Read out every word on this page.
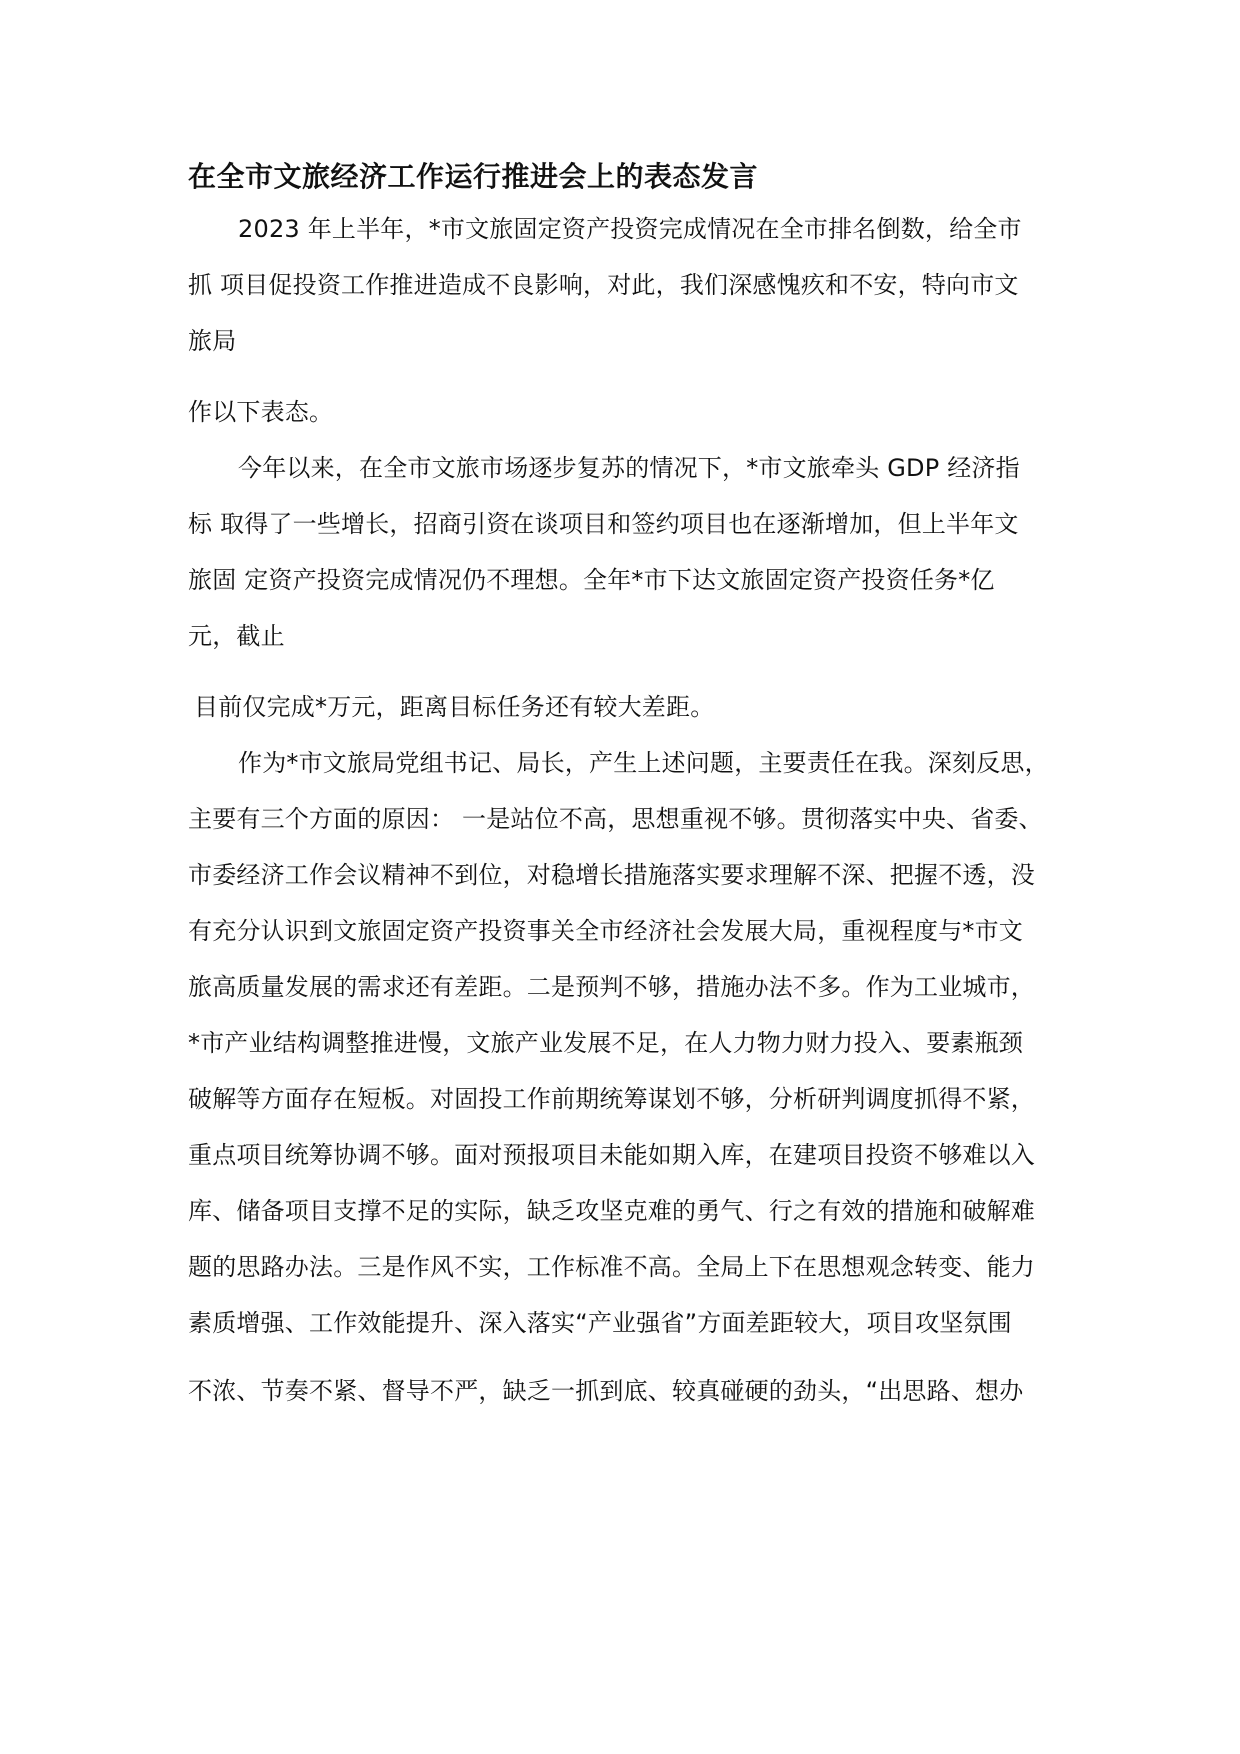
在全市文旅经济工作运行推进会上的表态发言
2023 年上半年，*市文旅固定资产投资完成情况在全市排名倒数，给全市
抓 项目促投资工作推进造成不良影响，对此，我们深感愧疚和不安，特向市文
旅局
作以下表态。
今年以来，在全市文旅市场逐步复苏的情况下，*市文旅牵头 GDP 经济指
标 取得了一些增长，招商引资在谈项目和签约项目也在逐渐增加，但上半年文
旅固 定资产投资完成情况仍不理想。全年*市下达文旅固定资产投资任务*亿
元，截止
目前仅完成*万元，距离目标任务还有较大差距。
作为*市文旅局党组书记、局长，产生上述问题，主要责任在我。深刻反思，
主要有三个方面的原因： 一是站位不高，思想重视不够。贯彻落实中央、省委、
市委经济工作会议精神不到位，对稳增长措施落实要求理解不深、把握不透，没
有充分认识到文旅固定资产投资事关全市经济社会发展大局，重视程度与*市文
旅高质量发展的需求还有差距。二是预判不够，措施办法不多。作为工业城市，
*市产业结构调整推进慢，文旅产业发展不足，在人力物力财力投入、要素瓶颈
破解等方面存在短板。对固投工作前期统筹谋划不够，分析研判调度抓得不紧，
重点项目统筹协调不够。面对预报项目未能如期入库，在建项目投资不够难以入
库、储备项目支撑不足的实际，缺乏攻坚克难的勇气、行之有效的措施和破解难
题的思路办法。三是作风不实，工作标准不高。全局上下在思想观念转变、能力
素质增强、工作效能提升、深入落实“产业强省”方面差距较大，项目攻坚氛围
不浓、节奏不紧、督导不严，缺乏一抓到底、较真碰硬的劲头，“出思路、想办
